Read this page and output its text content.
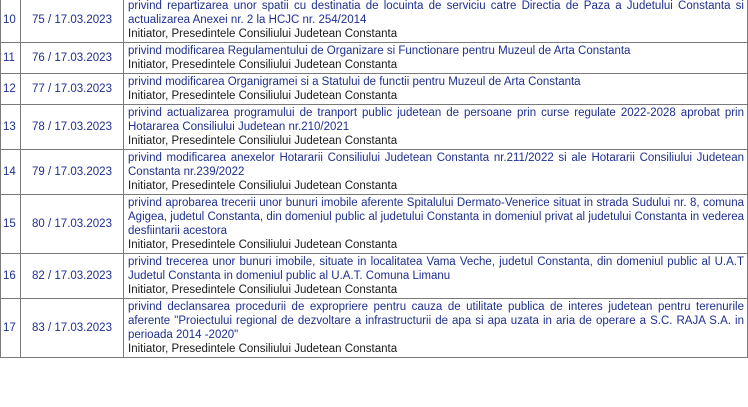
10	75 / 17.03.2023	privind repartizarea unor spatii cu destinatia de locuinta de serviciu catre Directia de Paza a Judetului Constanta si actualizarea Anexei nr. 2 la HCJC nr. 254/2014
Initiator, Presedintele Consiliului Judetean Constanta

11	76 / 17.03.2023	privind modificarea Regulamentului de Organizare si Functionare pentru Muzeul de Arta Constanta
Initiator, Presedintele Consiliului Judetean Constanta

12	77 / 17.03.2023	privind modificarea Organigramei si a Statului de functii pentru Muzeul de Arta Constanta
Initiator, Presedintele Consiliului Judetean Constanta

13	78 / 17.03.2023	privind actualizarea programului de tranport public judetean de persoane prin curse regulate 2022-2028 aprobat prin Hotararea Consiliului Judetean nr.210/2021
Initiator, Presedintele Consiliului Judetean Constanta

14	79 / 17.03.2023	privind modificarea anexelor Hotararii Consiliului Judetean Constanta nr.211/2022 si ale Hotararii Consiliului Judetean Constanta nr.239/2022
Initiator, Presedintele Consiliului Judetean Constanta

15	80 / 17.03.2023	privind aprobarea trecerii unor bunuri imobile aferente Spitalului Dermato-Venerice situat in strada Sudului nr. 8, comuna Agigea, judetul Constanta, din domeniul public al judetului Constanta in domeniul privat al judetului Constanta in vederea desfiintarii acestora
Initiator, Presedintele Consiliului Judetean Constanta

16	82 / 17.03.2023	privind trecerea unor bunuri imobile, situate in localitatea Vama Veche, judetul Constanta, din domeniul public al U.A.T Judetul Constanta in domeniul public al U.A.T. Comuna Limanu
Initiator, Presedintele Consiliului Judetean Constanta

17	83 / 17.03.2023	privind declansarea procedurii de expropriere pentru cauza de utilitate publica de interes judetean pentru terenurile aferente "Proiectului regional de dezvoltare a infrastructurii de apa si apa uzata in aria de operare a S.C. RAJA S.A. in perioada 2014 -2020"
Initiator, Presedintele Consiliului Judetean Constanta
